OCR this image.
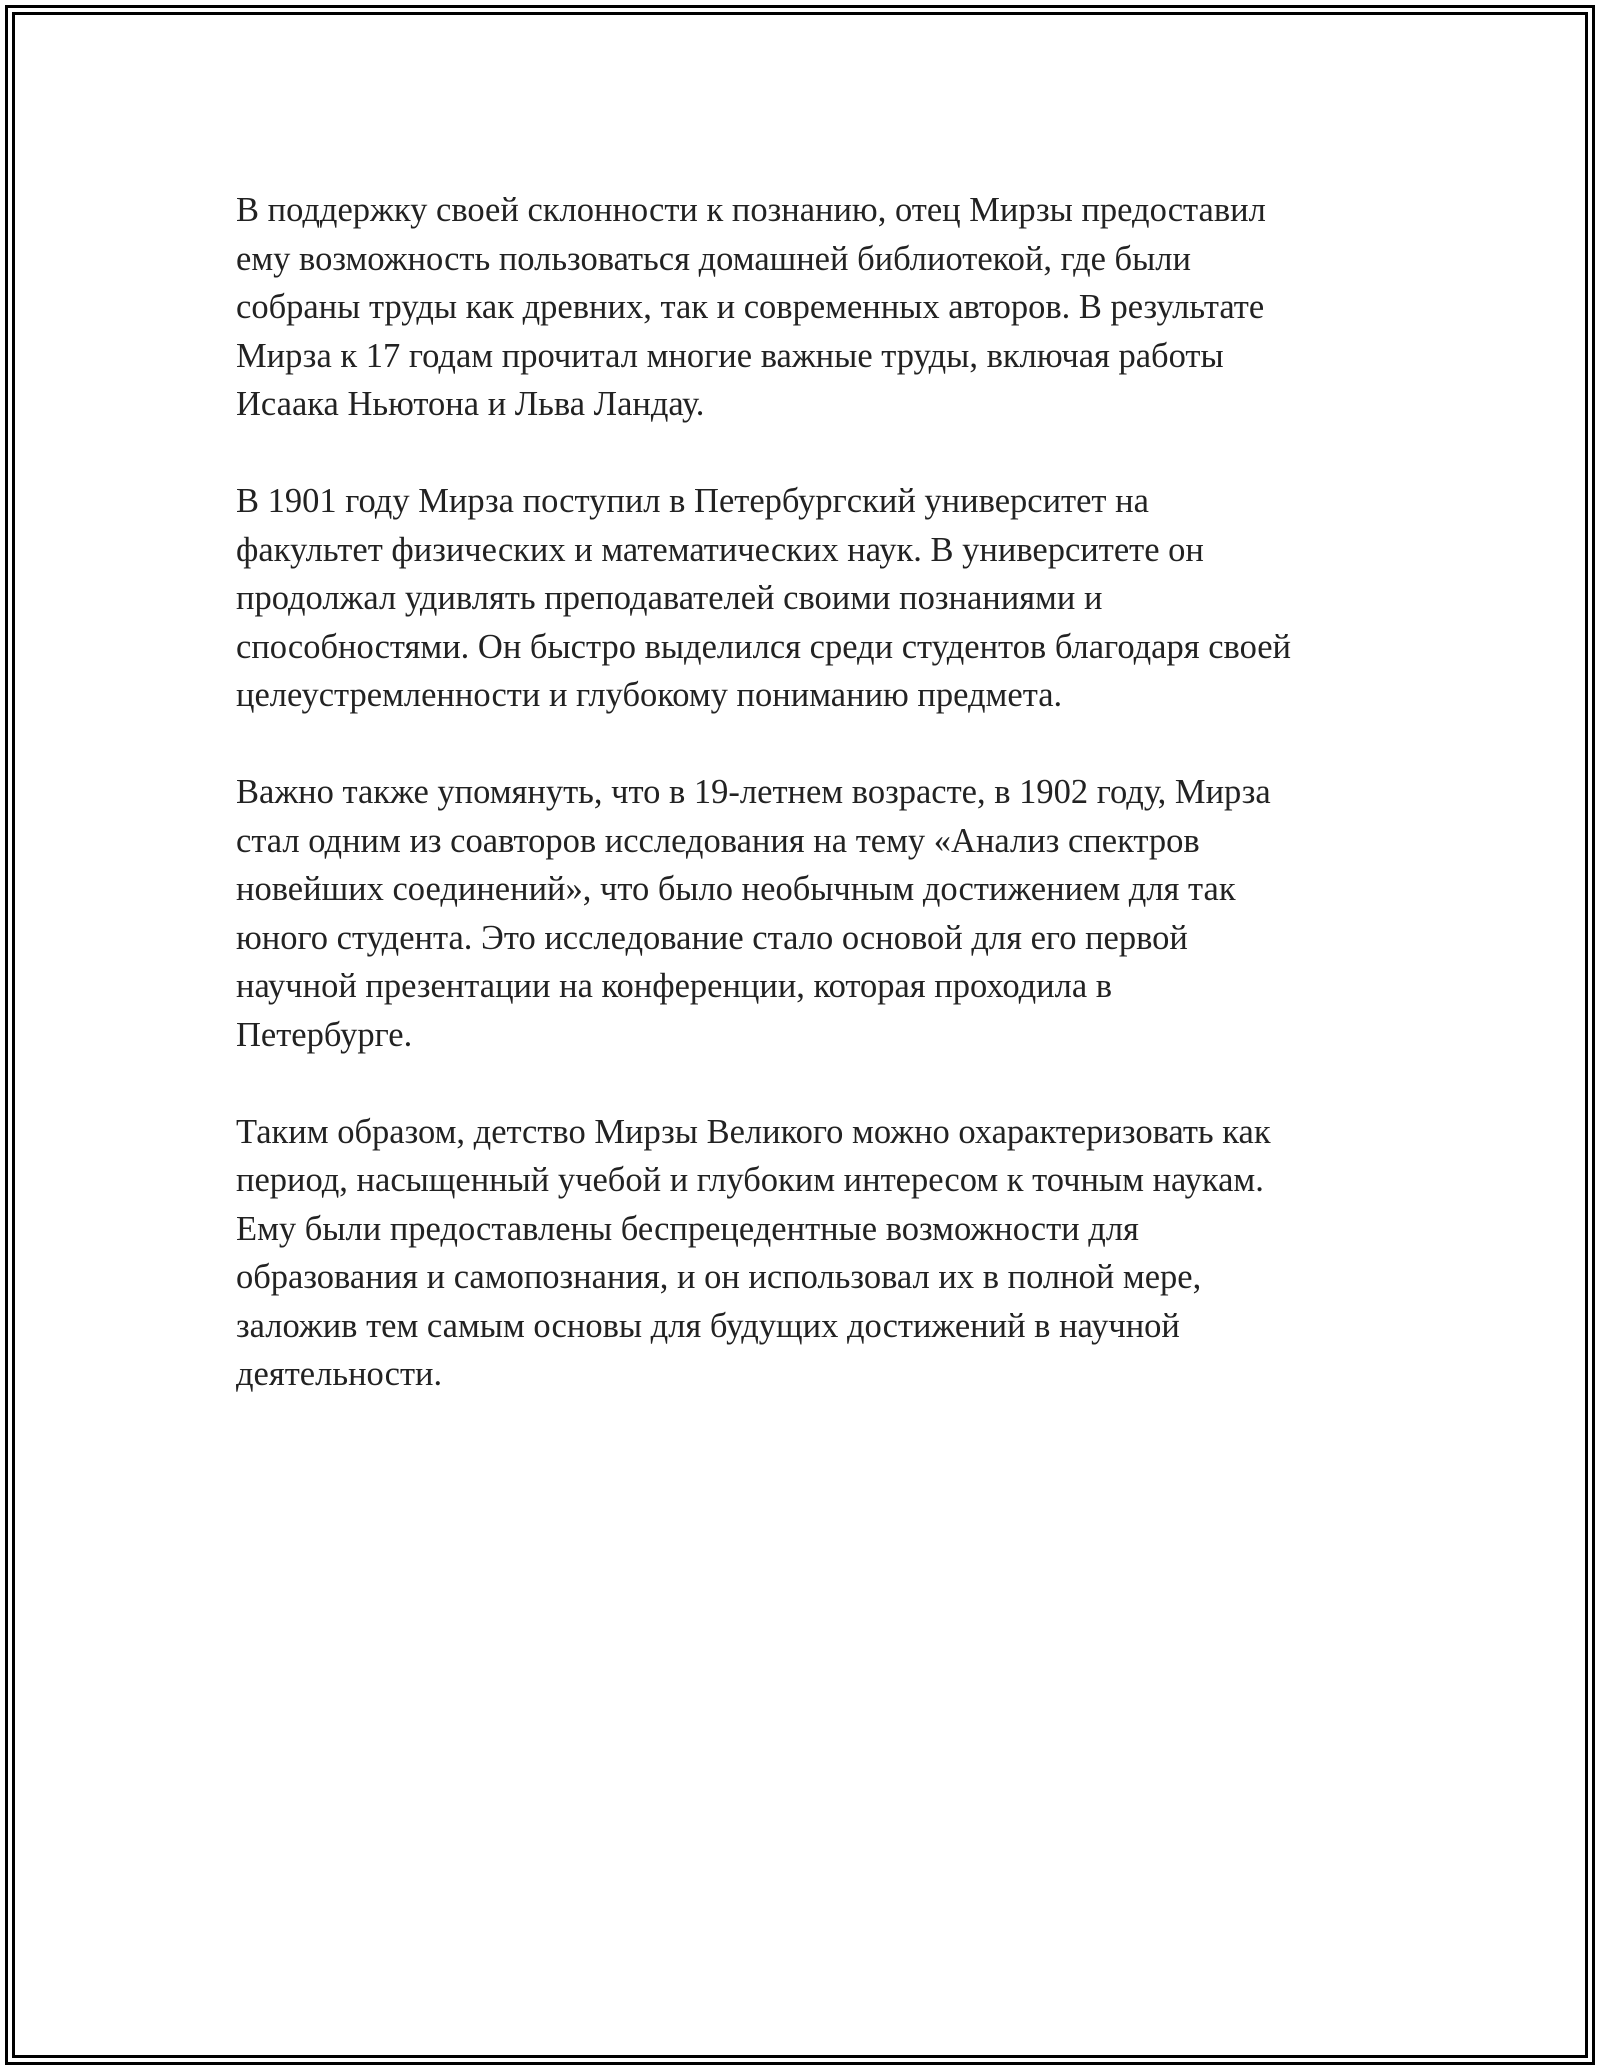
В поддержку своей склонности к познанию, отец Мирзы предоставил
ему возможность пользоваться домашней библиотекой, где были
собраны труды как древних, так и современных авторов. В результате
Мирза к 17 годам прочитал многие важные труды, включая работы
Исаака Ньютона и Льва Ландау.

В 1901 году Мирза поступил в Петербургский университет на
факультет физических и математических наук. В университете он
продолжал удивлять преподавателей своими познаниями и
способностями. Он быстро выделился среди студентов благодаря своей
целеустремленности и глубокому пониманию предмета.

Важно также упомянуть, что в 19-летнем возрасте, в 1902 году, Мирза
стал одним из соавторов исследования на тему «Анализ спектров
новейших соединений», что было необычным достижением для так
юного студента. Это исследование стало основой для его первой
научной презентации на конференции, которая проходила в
Петербурге.

Таким образом, детство Мирзы Великого можно охарактеризовать как
период, насыщенный учебой и глубоким интересом к точным наукам.
Ему были предоставлены беспрецедентные возможности для
образования и самопознания, и он использовал их в полной мере,
заложив тем самым основы для будущих достижений в научной
деятельности.
